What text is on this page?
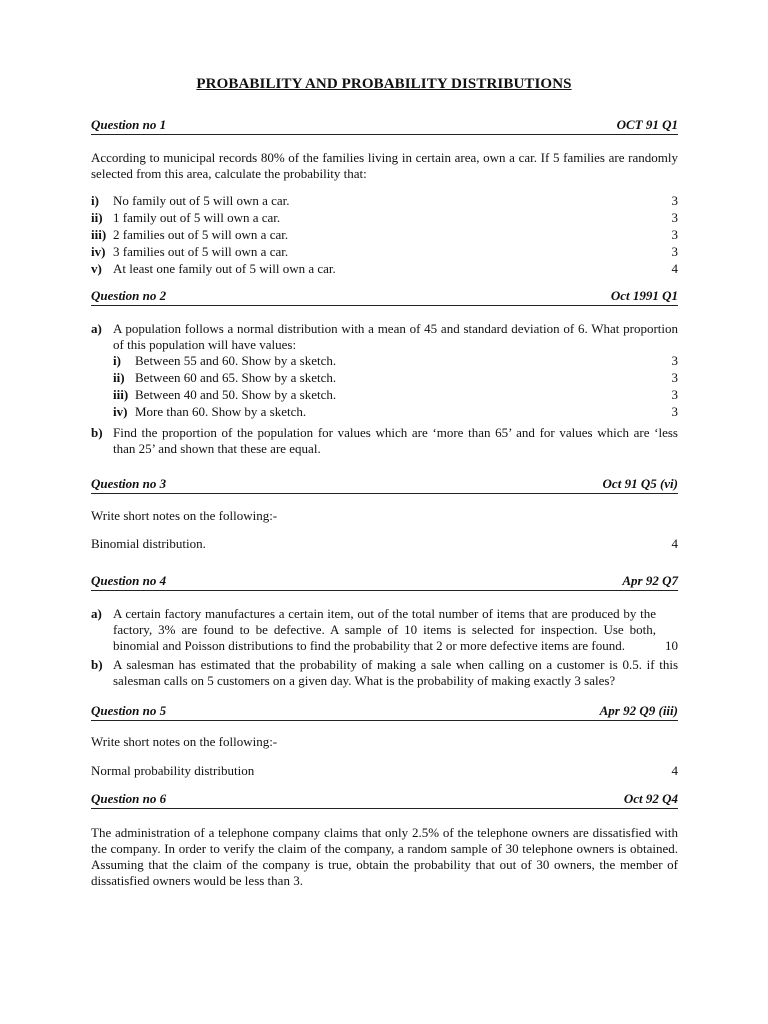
PROBABILITY AND PROBABILITY DISTRIBUTIONS
Question no 1	OCT 91 Q1
According to municipal records 80% of the families living in certain area, own a car. If 5 families are randomly selected from this area, calculate the probability that:
i) No family out of 5 will own a car.	3
ii) 1 family out of 5 will own a car.	3
iii) 2 families out of 5 will own a car.	3
iv) 3 families out of 5 will own a car.	3
v) At least one family out of 5 will own a car.	4
Question no 2	Oct 1991 Q1
a) A population follows a normal distribution with a mean of 45 and standard deviation of 6. What proportion of this population will have values:
i) Between 55 and 60. Show by a sketch.	3
ii) Between 60 and 65. Show by a sketch.	3
iii) Between 40 and 50. Show by a sketch.	3
iv) More than 60. Show by a sketch.	3
b) Find the proportion of the population for values which are ‘more than 65’ and for values which are ‘less than 25’ and shown that these are equal.
Question no 3	Oct 91 Q5 (vi)
Write short notes on the following:-
Binomial distribution.	4
Question no 4	Apr 92 Q7
a) A certain factory manufactures a certain item, out of the total number of items that are produced by the factory, 3% are found to be defective. A sample of 10 items is selected for inspection. Use both, binomial and Poisson distributions to find the probability that 2 or more defective items are found.	10
b) A salesman has estimated that the probability of making a sale when calling on a customer is 0.5. if this salesman calls on 5 customers on a given day. What is the probability of making exactly 3 sales?
Question no 5	Apr 92 Q9 (iii)
Write short notes on the following:-
Normal probability distribution	4
Question no 6	Oct 92 Q4
The administration of a telephone company claims that only 2.5% of the telephone owners are dissatisfied with the company. In order to verify the claim of the company, a random sample of 30 telephone owners is obtained. Assuming that the claim of the company is true, obtain the probability that out of 30 owners, the member of dissatisfied owners would be less than 3.
